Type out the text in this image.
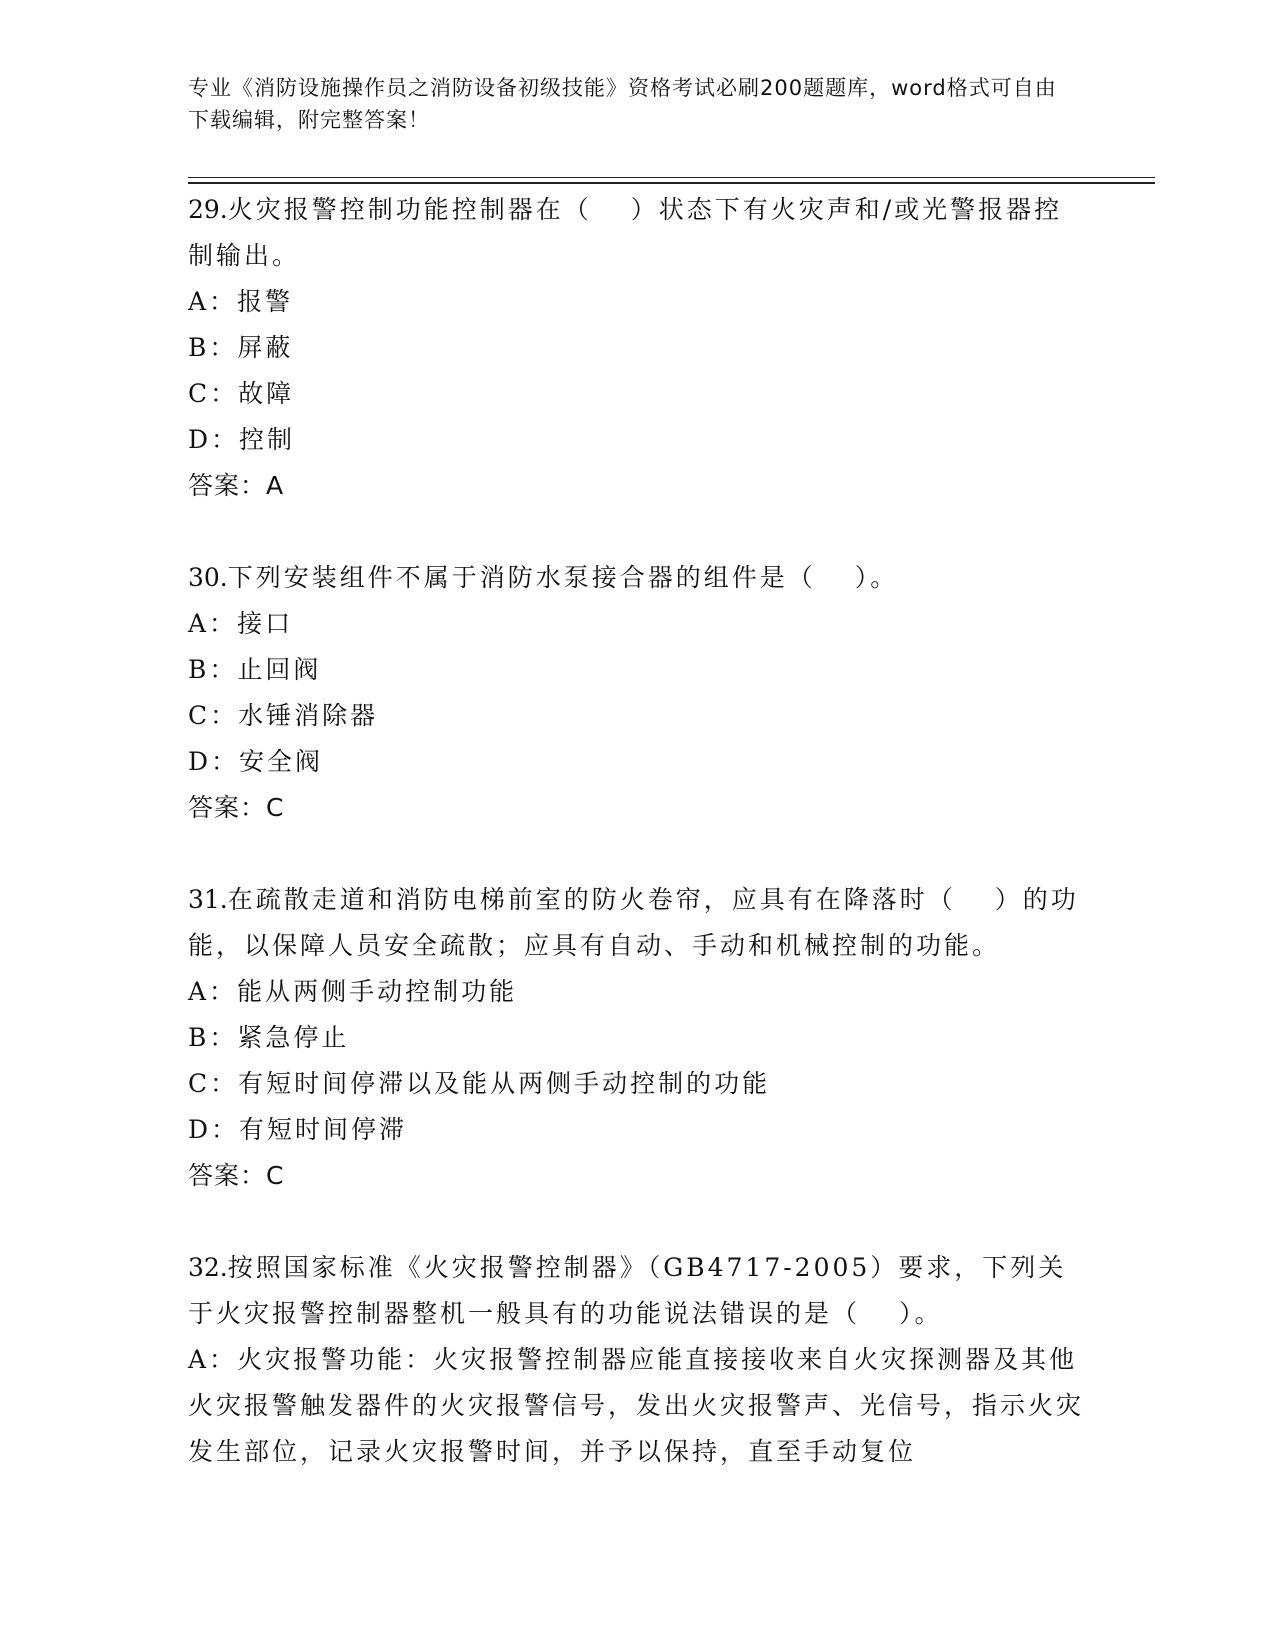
专业《消防设施操作员之消防设备初级技能》资格考试必刷200题题库，word格式可自由下载编辑，附完整答案！

29.火灾报警控制功能控制器在（　 ）状态下有火灾声和/或光警报器控制输出。

A：报警

B：屏蔽

C：故障

D：控制

答案：A

30.下列安装组件不属于消防水泵接合器的组件是（　 ）。

A：接口

B：止回阀

C：水锤消除器

D：安全阀

答案：C

31.在疏散走道和消防电梯前室的防火卷帘，应具有在降落时（　 ）的功能，以保障人员安全疏散；应具有自动、手动和机械控制的功能。

A：能从两侧手动控制功能

B：紧急停止

C：有短时间停滞以及能从两侧手动控制的功能

D：有短时间停滞

答案：C

32.按照国家标准《火灾报警控制器》（GB4717-2005）要求，下列关于火灾报警控制器整机一般具有的功能说法错误的是（　 ）。

A：火灾报警功能：火灾报警控制器应能直接接收来自火灾探测器及其他火灾报警触发器件的火灾报警信号，发出火灾报警声、光信号，指示火灾发生部位，记录火灾报警时间，并予以保持，直至手动复位
